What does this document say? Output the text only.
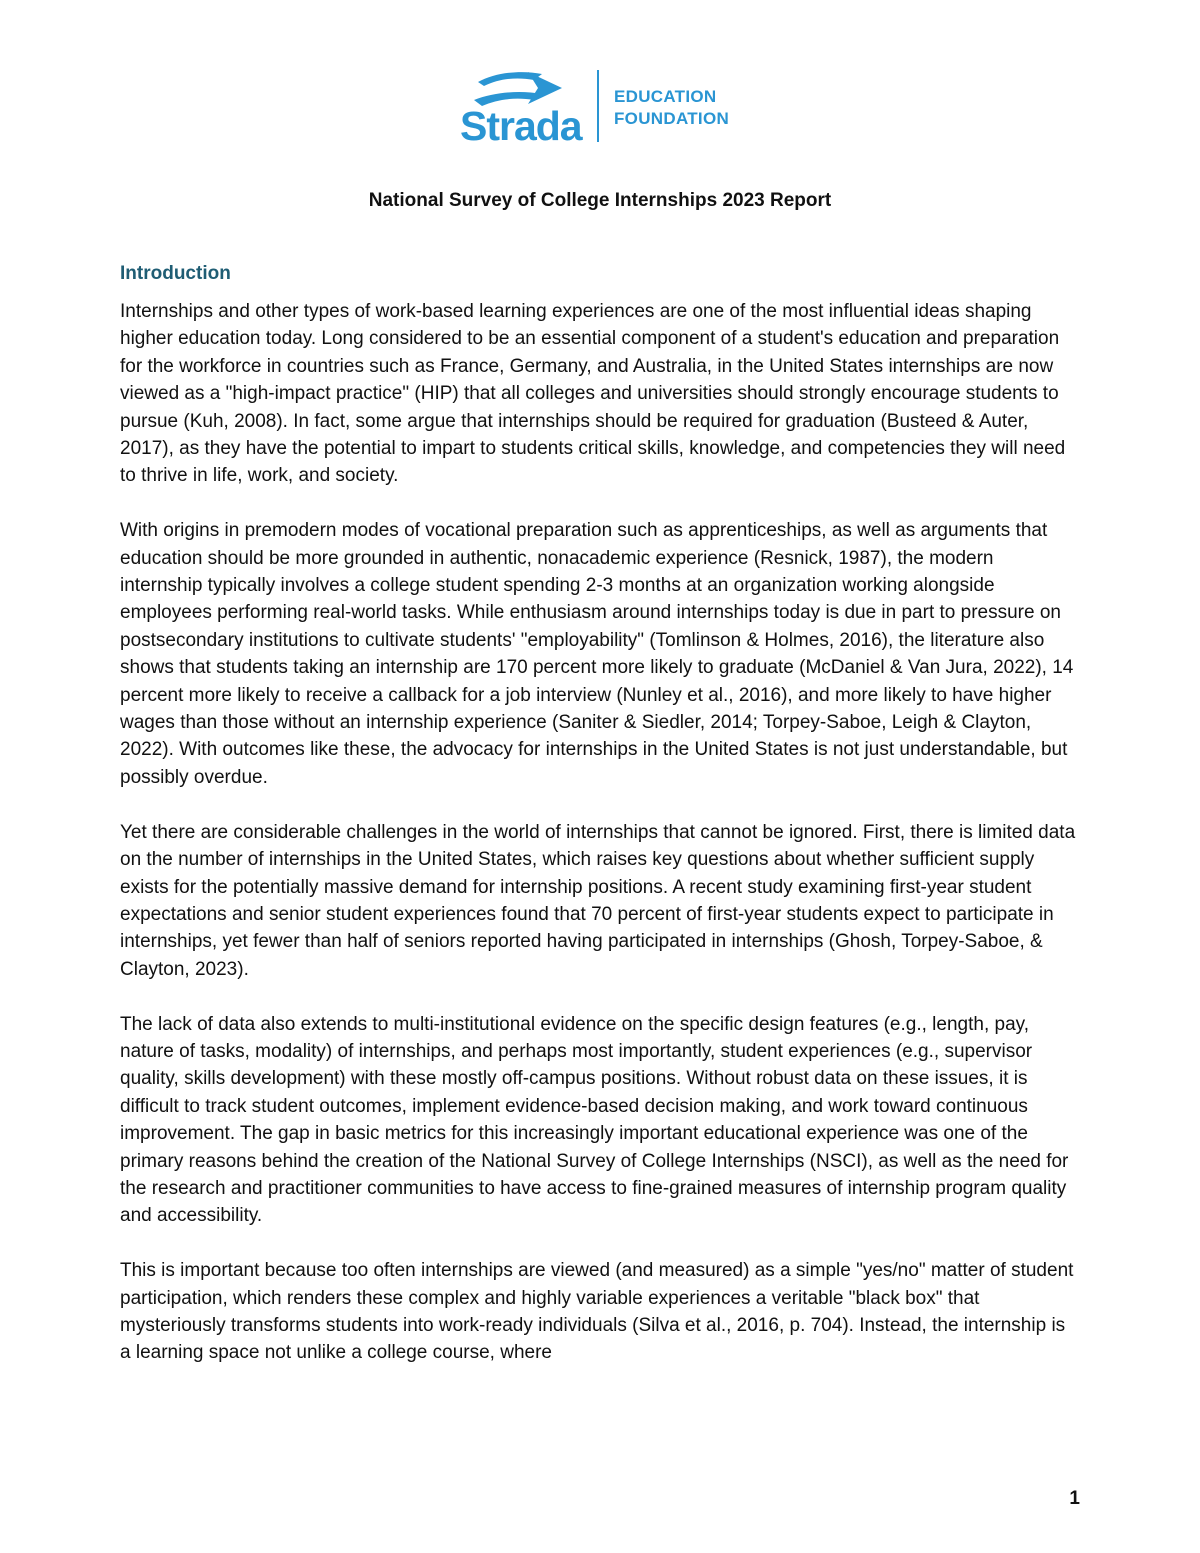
Strada
EDUCATION
FOUNDATION
National Survey of College Internships 2023 Report
Introduction

Internships and other types of work-based learning experiences are one of the most influential ideas shaping higher education today. Long considered to be an essential component of a student's education and preparation for the workforce in countries such as France, Germany, and Australia, in the United States internships are now viewed as a "high-impact practice" (HIP) that all colleges and universities should strongly encourage students to pursue (Kuh, 2008). In fact, some argue that internships should be required for graduation (Busteed & Auter, 2017), as they have the potential to impart to students critical skills, knowledge, and competencies they will need to thrive in life, work, and society.

With origins in premodern modes of vocational preparation such as apprenticeships, as well as arguments that education should be more grounded in authentic, nonacademic experience (Resnick, 1987), the modern internship typically involves a college student spending 2-3 months at an organization working alongside employees performing real-world tasks. While enthusiasm around internships today is due in part to pressure on postsecondary institutions to cultivate students' "employability" (Tomlinson & Holmes, 2016), the literature also shows that students taking an internship are 170 percent more likely to graduate (McDaniel & Van Jura, 2022), 14 percent more likely to receive a callback for a job interview (Nunley et al., 2016), and more likely to have higher wages than those without an internship experience (Saniter & Siedler, 2014; Torpey-Saboe, Leigh & Clayton, 2022). With outcomes like these, the advocacy for internships in the United States is not just understandable, but possibly overdue.

Yet there are considerable challenges in the world of internships that cannot be ignored. First, there is limited data on the number of internships in the United States, which raises key questions about whether sufficient supply exists for the potentially massive demand for internship positions. A recent study examining first-year student expectations and senior student experiences found that 70 percent of first-year students expect to participate in internships, yet fewer than half of seniors reported having participated in internships (Ghosh, Torpey-Saboe, & Clayton, 2023).

The lack of data also extends to multi-institutional evidence on the specific design features (e.g., length, pay, nature of tasks, modality) of internships, and perhaps most importantly, student experiences (e.g., supervisor quality, skills development) with these mostly off-campus positions. Without robust data on these issues, it is difficult to track student outcomes, implement evidence-based decision making, and work toward continuous improvement. The gap in basic metrics for this increasingly important educational experience was one of the primary reasons behind the creation of the National Survey of College Internships (NSCI), as well as the need for the research and practitioner communities to have access to fine-grained measures of internship program quality and accessibility.

This is important because too often internships are viewed (and measured) as a simple "yes/no" matter of student participation, which renders these complex and highly variable experiences a veritable "black box" that mysteriously transforms students into work-ready individuals (Silva et al., 2016, p. 704). Instead, the internship is a learning space not unlike a college course, where

1
